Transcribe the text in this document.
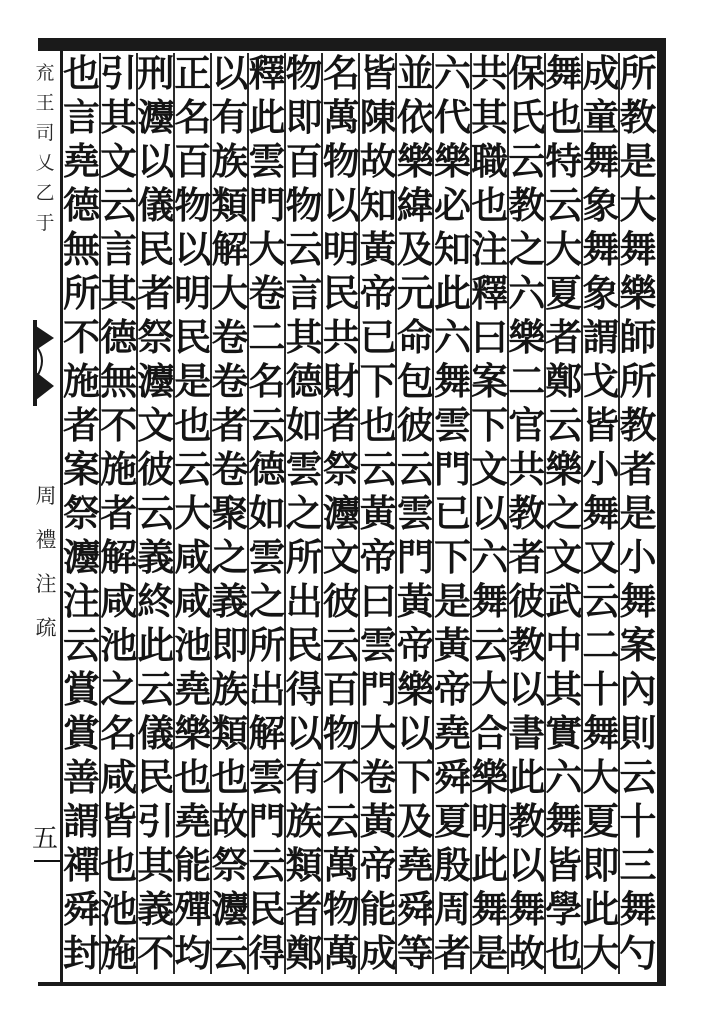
㐬王司乂乙于
周禮注疏
五
所
教
是
大
舞
樂
師
所
教
者
是
小
舞
案
內
則
云
十
三
舞
勺
成
童
舞
象
舞
象
謂
戈
皆
小
舞
又
云
二
十
舞
大
夏
即
此
大
舞
也
特
云
大
夏
者
鄭
云
樂
之
文
武
中
其
實
六
舞
皆
學
也
保
氏
云
教
之
六
樂
二
官
共
教
者
彼
教
以
書
此
教
以
舞
故
共
其
職
也
注
釋
曰
案
下
文
以
六
舞
云
大
合
樂
明
此
舞
是
六
代
樂
必
知
此
六
舞
雲
門
已
下
是
黃
帝
堯
舜
夏
殷
周
者
並
依
樂
緯
及
元
命
包
彼
云
雲
門
黃
帝
樂
以
下
及
堯
舜
等
皆
陳
故
知
黃
帝
已
下
也
云
黃
帝
曰
雲
門
大
卷
黃
帝
能
成
名
萬
物
以
明
民
共
財
者
祭
灋
文
彼
云
百
物
不
云
萬
物
萬
物
即
百
物
云
言
其
德
如
雲
之
所
出
民
得
以
有
族
類
者
鄭
釋
此
雲
門
大
卷
二
名
云
德
如
雲
之
所
出
解
雲
門
云
民
得
以
有
族
類
解
大
卷
卷
者
卷
聚
之
義
即
族
類
也
故
祭
灋
云
正
名
百
物
以
明
民
是
也
云
大
咸
咸
池
堯
樂
也
堯
能
殫
均
刑
灋
以
儀
民
者
祭
灋
文
彼
云
義
終
此
云
儀
民
引
其
義
不
引
其
文
云
言
其
德
無
不
施
者
解
咸
池
之
名
咸
皆
也
池
施
也
言
堯
德
無
所
不
施
者
案
祭
灋
注
云
賞
賞
善
謂
禪
舜
封
